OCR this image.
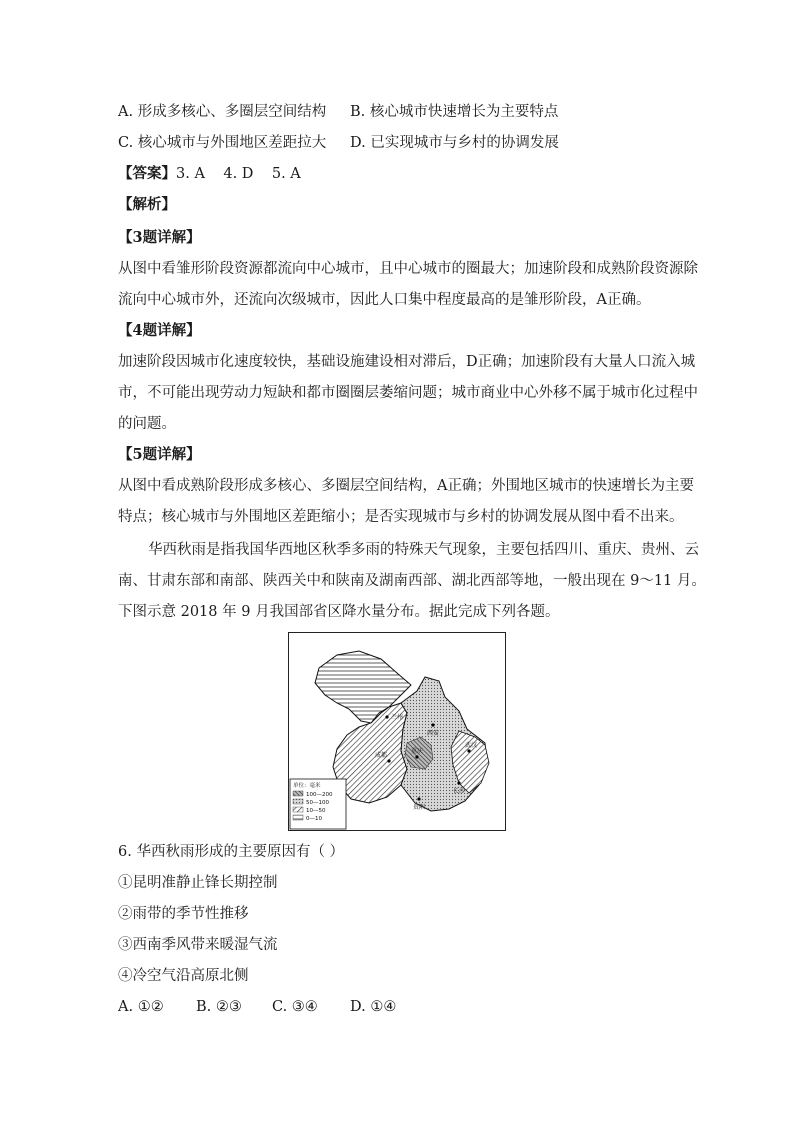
A. 形成多核心、多圈层空间结构 B. 核心城市快速增长为主要特点
C. 核心城市与外围地区差距拉大 D. 已实现城市与乡村的协调发展
【答案】3. A    4. D    5. A
【解析】
【3题详解】
从图中看雏形阶段资源都流向中心城市，且中心城市的圈最大；加速阶段和成熟阶段资源除
流向中心城市外，还流向次级城市，因此人口集中程度最高的是雏形阶段，A正确。
【4题详解】
加速阶段因城市化速度较快，基础设施建设相对滞后，D正确；加速阶段有大量人口流入城
市，不可能出现劳动力短缺和都市圈圈层萎缩问题；城市商业中心外移不属于城市化过程中
的问题。
【5题详解】
从图中看成熟阶段形成多核心、多圈层空间结构，A正确；外围地区城市的快速增长为主要
特点；核心城市与外围地区差距缩小；是否实现城市与乡村的协调发展从图中看不出来。
华西秋雨是指我国华西地区秋季多雨的特殊天气现象，主要包括四川、重庆、贵州、云
南、甘肃东部和南部、陕西关中和陕南及湖南西部、湖北西部等地，一般出现在 9～11 月。
下图示意 2018 年 9 月我国部省区降水量分布。据此完成下列各题。
兰州
西安
成都
重庆
武汉
长沙
贵阳
单位：毫米
100—200
50—100
10—50
0—10
6. 华西秋雨形成的主要原因有（ ）
①昆明准静止锋长期控制
②雨带的季节性推移
③西南季风带来暖湿气流
④冷空气沿高原北侧
A. ①② B. ②③ C. ③④ D. ①④
